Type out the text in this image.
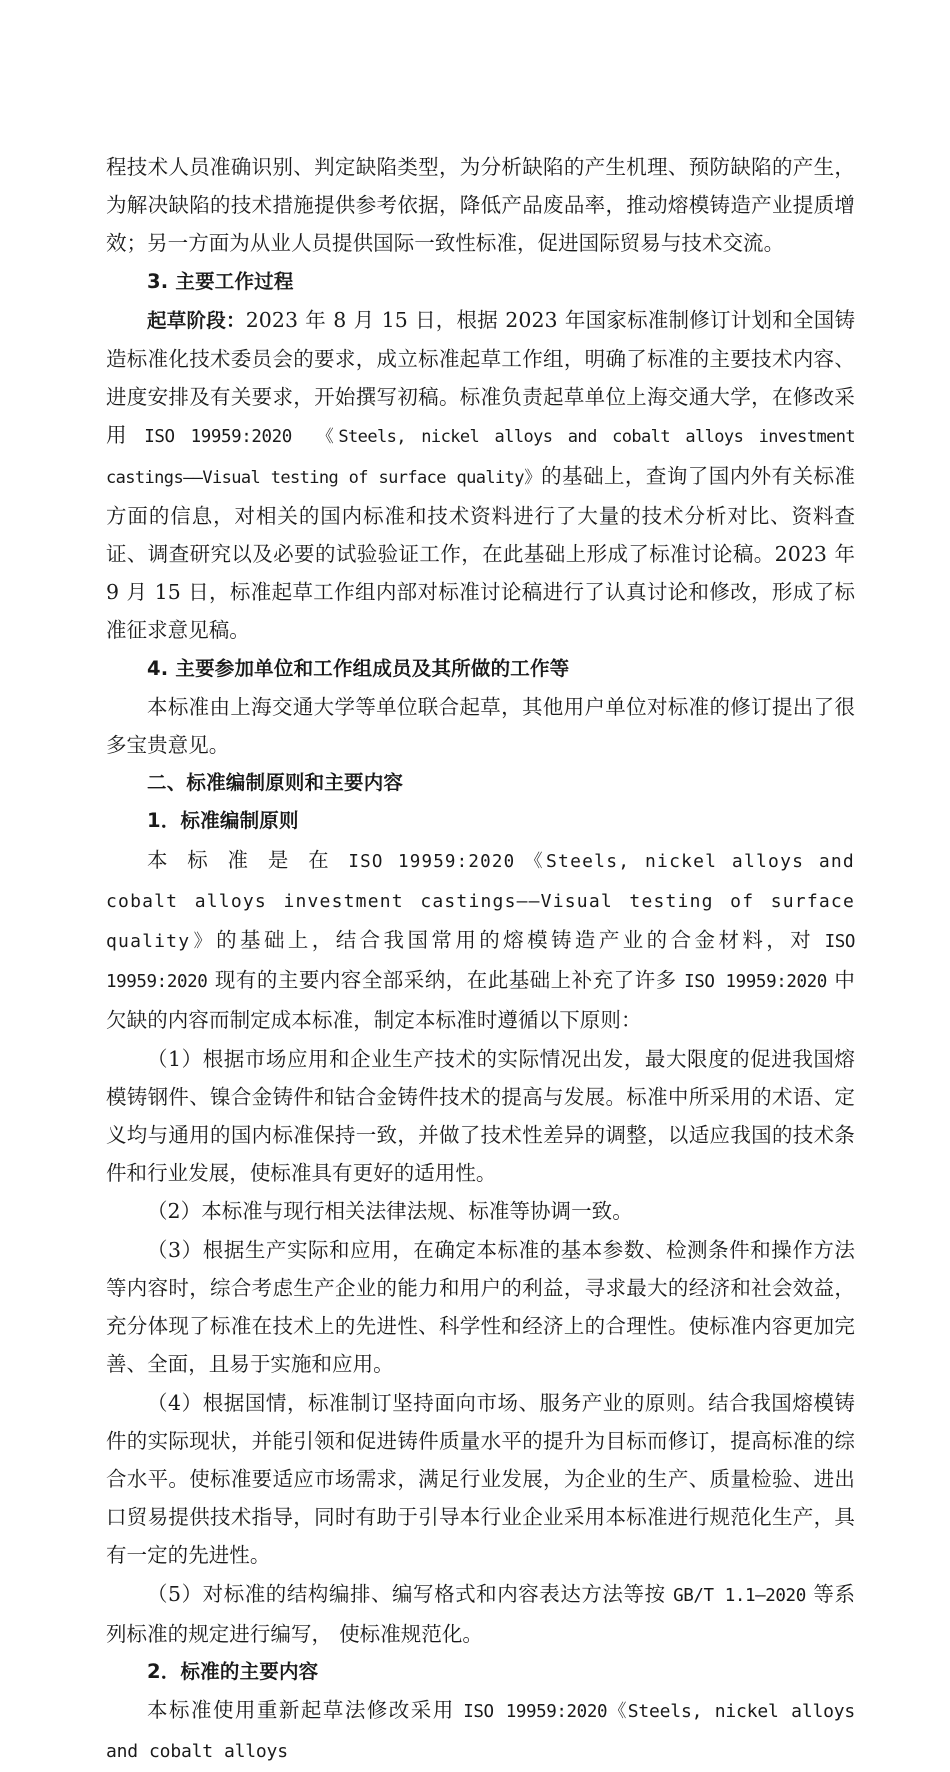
程技术人员准确识别、判定缺陷类型，为分析缺陷的产生机理、预防缺陷的产生，为解决缺陷的技术措施提供参考依据，降低产品废品率，推动熔模铸造产业提质增效；另一方面为从业人员提供国际一致性标准，促进国际贸易与技术交流。

3. 主要工作过程

起草阶段：2023 年 8 月 15 日，根据 2023 年国家标准制修订计划和全国铸造标准化技术委员会的要求，成立标准起草工作组，明确了标准的主要技术内容、进度安排及有关要求，开始撰写初稿。标准负责起草单位上海交通大学，在修改采用 ISO 19959:2020 《Steels, nickel alloys and cobalt alloys investment castings——Visual testing of surface quality》的基础上，查询了国内外有关标准方面的信息，对相关的国内标准和技术资料进行了大量的技术分析对比、资料查证、调查研究以及必要的试验验证工作，在此基础上形成了标准讨论稿。2023 年 9 月 15 日，标准起草工作组内部对标准讨论稿进行了认真讨论和修改，形成了标准征求意见稿。

4. 主要参加单位和工作组成员及其所做的工作等

本标准由上海交通大学等单位联合起草，其他用户单位对标准的修订提出了很多宝贵意见。

二、标准编制原则和主要内容

1．标准编制原则

本 标 准 是 在 ISO 19959:2020 《Steels, nickel alloys and cobalt alloys investment castings——Visual testing of surface quality》的基础上，结合我国常用的熔模铸造产业的合金材料，对 ISO 19959:2020 现有的主要内容全部采纳，在此基础上补充了许多 ISO 19959:2020 中欠缺的内容而制定成本标准，制定本标准时遵循以下原则：

（1）根据市场应用和企业生产技术的实际情况出发，最大限度的促进我国熔模铸钢件、镍合金铸件和钴合金铸件技术的提高与发展。标准中所采用的术语、定义均与通用的国内标准保持一致，并做了技术性差异的调整，以适应我国的技术条件和行业发展，使标准具有更好的适用性。

（2）本标准与现行相关法律法规、标准等协调一致。

（3）根据生产实际和应用，在确定本标准的基本参数、检测条件和操作方法等内容时，综合考虑生产企业的能力和用户的利益，寻求最大的经济和社会效益，充分体现了标准在技术上的先进性、科学性和经济上的合理性。使标准内容更加完善、全面，且易于实施和应用。

（4）根据国情，标准制订坚持面向市场、服务产业的原则。结合我国熔模铸件的实际现状，并能引领和促进铸件质量水平的提升为目标而修订，提高标准的综合水平。使标准要适应市场需求，满足行业发展，为企业的生产、质量检验、进出口贸易提供技术指导，同时有助于引导本行业企业采用本标准进行规范化生产，具有一定的先进性。

（5）对标准的结构编排、编写格式和内容表达方法等按 GB/T 1.1—2020 等系列标准的规定进行编写， 使标准规范化。

2．标准的主要内容

本标准使用重新起草法修改采用 ISO 19959:2020《Steels, nickel alloys and cobalt alloys
